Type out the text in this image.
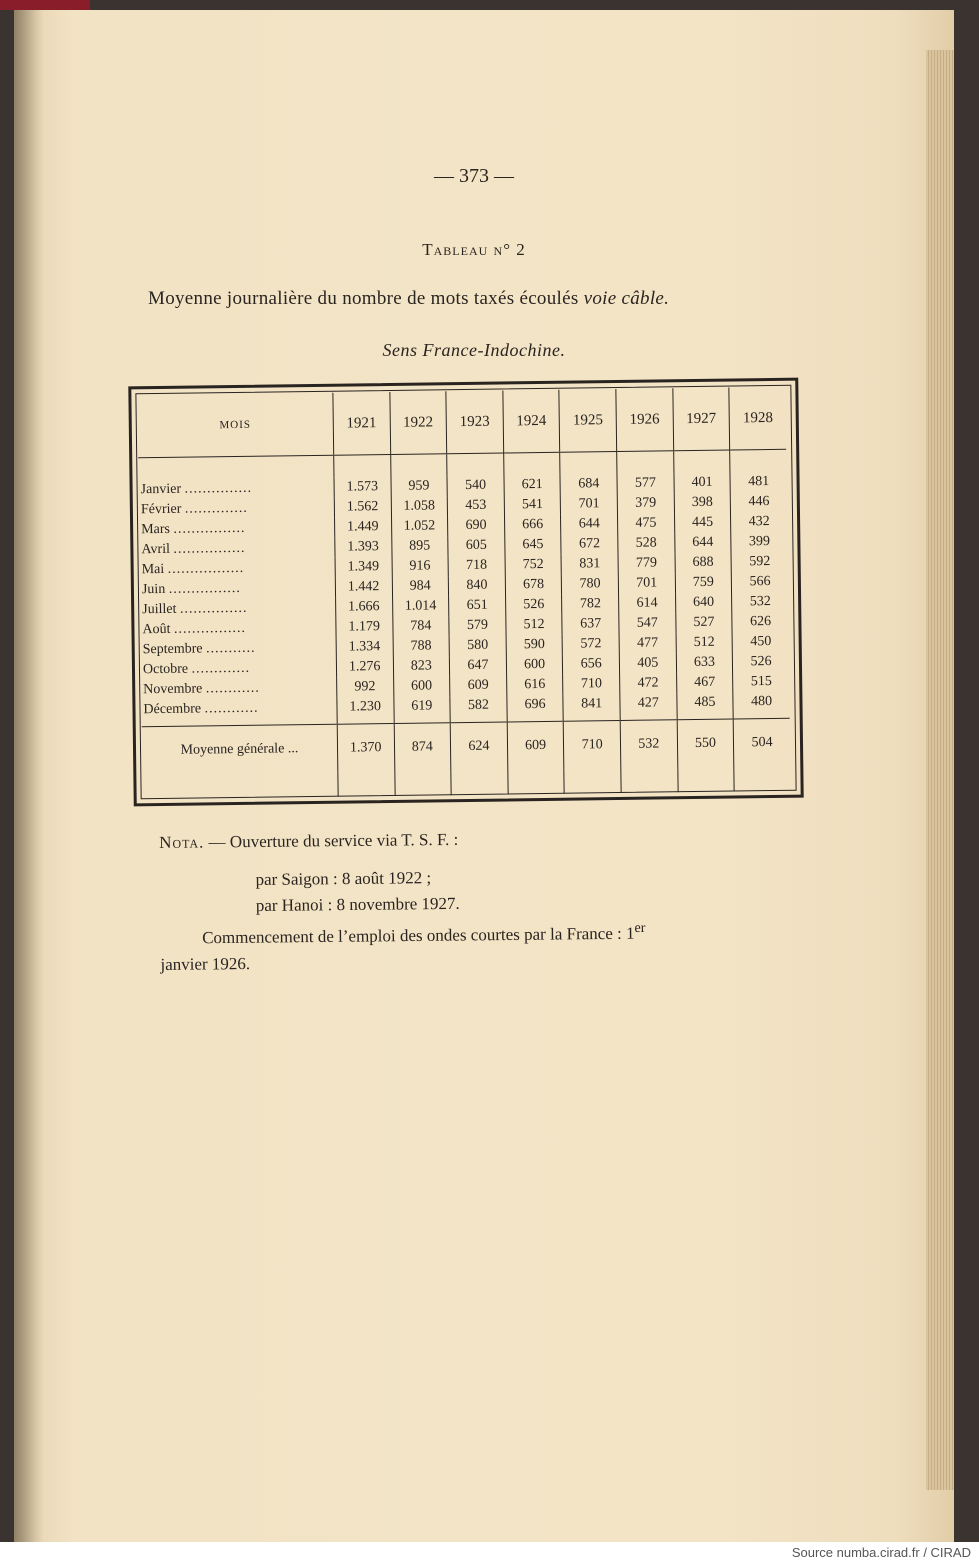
— 373 —
Tableau n° 2
Moyenne journalière du nombre de mots taxés écoulés voie câble.
Sens France-Indochine.
MOIS	1921	1922	1923	1924	1925	1926	1927	1928

Janvier ...............	1.573	959	540	621	684	577	401	481
Février ..............	1.562	1.058	453	541	701	379	398	446
Mars ................	1.449	1.052	690	666	644	475	445	432
Avril ................	1.393	895	605	645	672	528	644	399
Mai .................	1.349	916	718	752	831	779	688	592
Juin ................	1.442	984	840	678	780	701	759	566
Juillet ...............	1.666	1.014	651	526	782	614	640	532
Août ................	1.179	784	579	512	637	547	527	626
Septembre ...........	1.334	788	580	590	572	477	512	450
Octobre .............	1.276	823	647	600	656	405	633	526
Novembre ............	992	600	609	616	710	472	467	515
Décembre ............	1.230	619	582	696	841	427	485	480
Moyenne générale ...	1.370	874	624	609	710	532	550	504

Nota. — Ouverture du service via T. S. F. :
par Saigon : 8 août 1922 ;
par Hanoi : 8 novembre 1927.
Commencement de l’emploi des ondes courtes par la France : 1er
janvier 1926.
Source numba.cirad.fr / CIRAD
